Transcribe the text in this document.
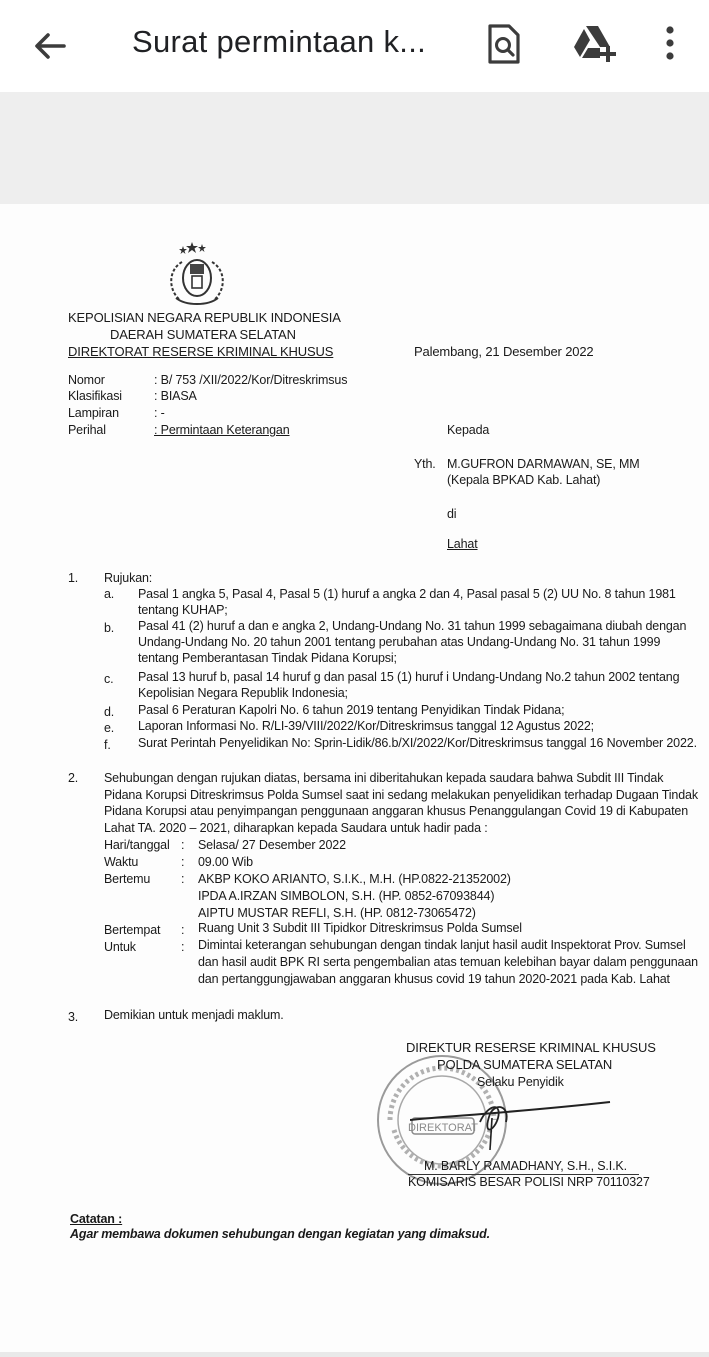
Surat permintaan k...
KEPOLISIAN NEGARA REPUBLIK INDONESIA
DAERAH SUMATERA SELATAN
DIREKTORAT RESERSE KRIMINAL KHUSUS	Palembang, 21 Desember 2022
Nomor	: B/ 753 /XII/2022/Kor/Ditreskrimsus
Klasifikasi	: BIASA
Lampiran	: -
Perihal	: Permintaan Keterangan	Kepada
Yth. M.GUFRON DARMAWAN, SE, MM
(Kepala BPKAD Kab. Lahat)
di
Lahat
1. Rujukan:
a. Pasal 1 angka 5, Pasal 4, Pasal 5 (1) huruf a angka 2 dan 4, Pasal pasal 5 (2) UU No. 8 tahun 1981
tentang KUHAP;
b. Pasal 41 (2) huruf a dan e angka 2, Undang-Undang No. 31 tahun 1999 sebagaimana diubah dengan
Undang-Undang No. 20 tahun 2001 tentang perubahan atas Undang-Undang No. 31 tahun 1999
tentang Pemberantasan Tindak Pidana Korupsi;
c. Pasal 13 huruf b, pasal 14 huruf g dan pasal 15 (1) huruf i Undang-Undang No.2 tahun 2002 tentang
Kepolisian Negara Republik Indonesia;
d. Pasal 6 Peraturan Kapolri No. 6 tahun 2019 tentang Penyidikan Tindak Pidana;
e. Laporan Informasi No. R/LI-39/VIII/2022/Kor/Ditreskrimsus tanggal 12 Agustus 2022;
f. Surat Perintah Penyelidikan No: Sprin-Lidik/86.b/XI/2022/Kor/Ditreskrimsus tanggal 16 November 2022.
2. Sehubungan dengan rujukan diatas, bersama ini diberitahukan kepada saudara bahwa Subdit III Tindak
Pidana Korupsi Ditreskrimsus Polda Sumsel saat ini sedang melakukan penyelidikan terhadap Dugaan Tindak
Pidana Korupsi atau penyimpangan penggunaan anggaran khusus Penanggulangan Covid 19 di Kabupaten
Lahat TA. 2020 – 2021, diharapkan kepada Saudara untuk hadir pada :
Hari/tanggal : Selasa/ 27 Desember 2022
Waktu	: 09.00 Wib
Bertemu : AKBP KOKO ARIANTO, S.I.K., M.H. (HP.0822-21352002)
IPDA A.IRZAN SIMBOLON, S.H. (HP. 0852-67093844)
AIPTU MUSTAR REFLI, S.H. (HP. 0812-73065472)
Bertempat : Ruang Unit 3 Subdit III Tipidkor Ditreskrimsus Polda Sumsel
Untuk	: Dimintai keterangan sehubungan dengan tindak lanjut hasil audit Inspektorat Prov. Sumsel
dan hasil audit BPK RI serta pengembalian atas temuan kelebihan bayar dalam penggunaan
dan pertanggungjawaban anggaran khusus covid 19 tahun 2020-2021 pada Kab. Lahat
3. Demikian untuk menjadi maklum.
DIREKTORAT
DIREKTUR RESERSE KRIMINAL KHUSUS
POLDA SUMATERA SELATAN
Selaku Penyidik
M. BARLY RAMADHANY, S.H., S.I.K.
KOMISARIS BESAR POLISI NRP 70110327
Catatan :
Agar membawa dokumen sehubungan dengan kegiatan yang dimaksud.
